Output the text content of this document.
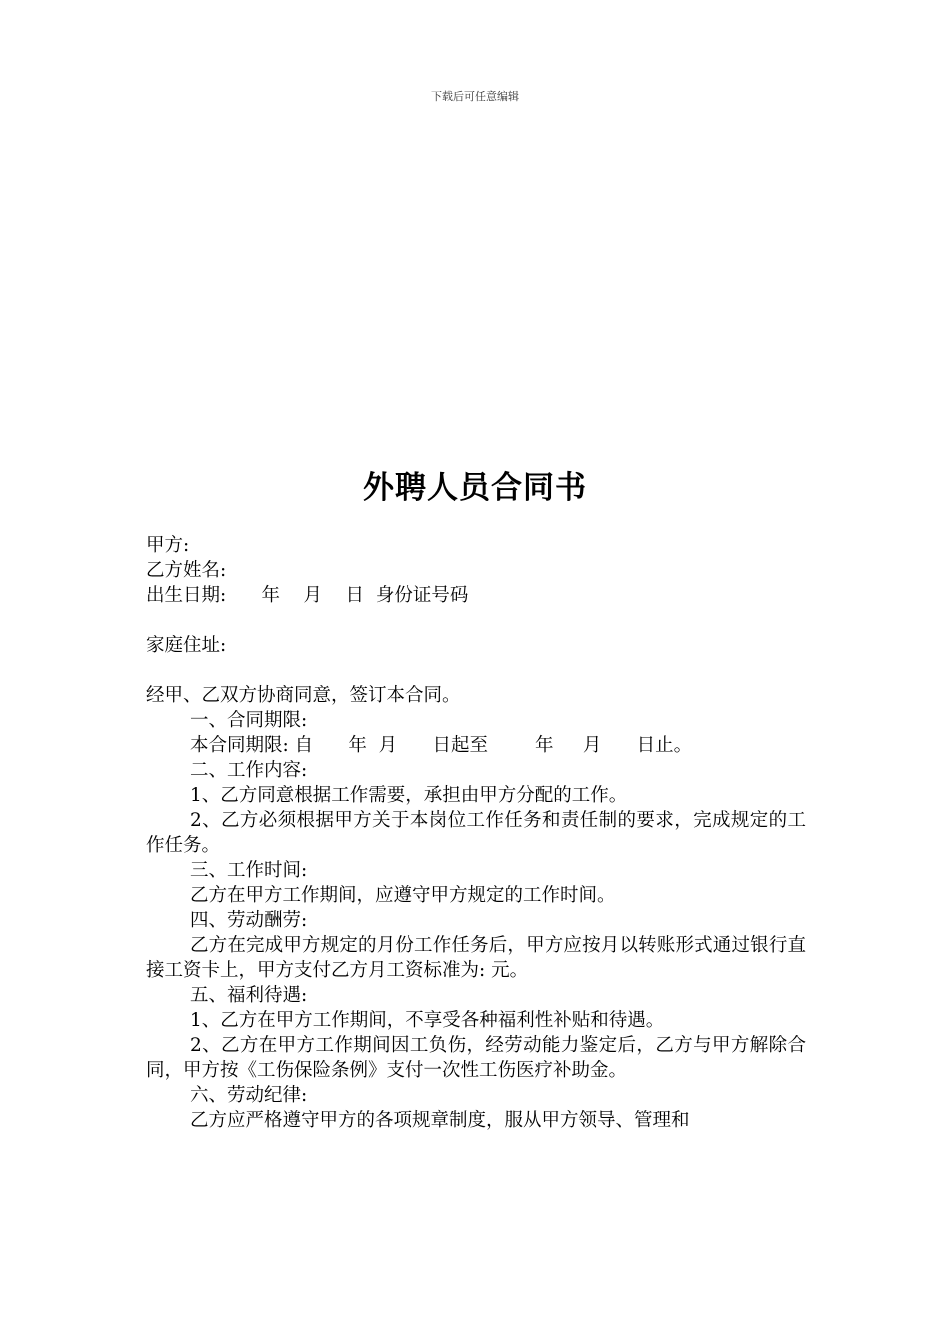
下载后可任意编辑
外聘人员合同书
甲方:
乙方姓名:
出生日期:      年    月    日  身份证号码
家庭住址:
经甲、乙双方协商同意，签订本合同。
一、合同期限:
本合同期限: 自      年  月      日起至        年     月      日止。
二、工作内容:
1、乙方同意根据工作需要，承担由甲方分配的工作。
2、乙方必须根据甲方关于本岗位工作任务和责任制的要求，完成规定的工作任务。
三、工作时间:
乙方在甲方工作期间，应遵守甲方规定的工作时间。
四、劳动酬劳:
乙方在完成甲方规定的月份工作任务后，甲方应按月以转账形式通过银行直接工资卡上，甲方支付乙方月工资标准为: 元。
五、福利待遇:
1、乙方在甲方工作期间，不享受各种福利性补贴和待遇。
2、乙方在甲方工作期间因工负伤，经劳动能力鉴定后，乙方与甲方解除合同，甲方按《工伤保险条例》支付一次性工伤医疗补助金。
六、劳动纪律:
乙方应严格遵守甲方的各项规章制度，服从甲方领导、管理和
